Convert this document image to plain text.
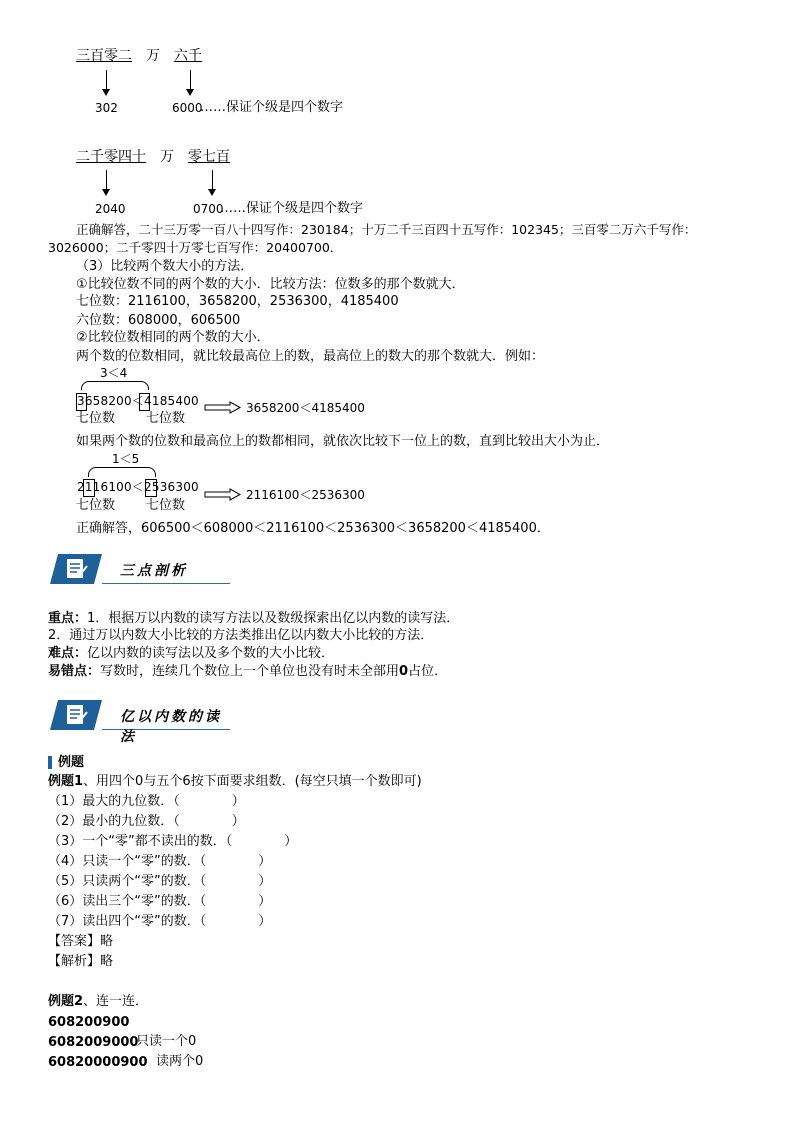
三百零二 万 六千
302	6000
……保证个级是四个数字
二千零四十 万 零七百
2040	0700
……保证个级是四个数字
正确解答，二十三万零一百八十四写作：230184；十万二千三百四十五写作：102345；三百零二万六千写作：
3026000；二千零四十万零七百写作：20400700．
（3）比较两个数大小的方法．
①比较位数不同的两个数的大小．比较方法：位数多的那个数就大．
七位数：2116100，3658200，2536300，4185400
六位数：608000，606500
②比较位数相同的两个数的大小．
两个数的位数相同，就比较最高位上的数，最高位上的数大的那个数就大．例如：
3＜4
3658200＜4185400
七位数 七位数
3658200＜4185400
如果两个数的位数和最高位上的数都相同，就依次比较下一位上的数，直到比较出大小为止．
1＜5
2116100＜2536300
七位数 七位数
2116100＜2536300
正确解答，606500＜608000＜2116100＜2536300＜3658200＜4185400．
三点剖析
重点：1．根据万以内数的读写方法以及数级探索出亿以内数的读写法．
2．通过万以内数大小比较的方法类推出亿以内数大小比较的方法．
难点：亿以内数的读写法以及多个数的大小比较．
易错点：写数时，连续几个数位上一个单位也没有时未全部用0占位．
亿以内数的读法
例题
例题1、用四个0与五个6按下面要求组数．(每空只填一个数即可)
（1）最大的九位数．（　　　　）
（2）最小的九位数．（　　　　）
（3）一个“零”都不读出的数．（　　　　）
（4）只读一个“零”的数．（　　　　）
（5）只读两个“零”的数．（　　　　）
（6）读出三个“零”的数．（　　　　）
（7）读出四个“零”的数．（　　　　）
【答案】略
【解析】略
例题2、连一连．
608200900
6082009000
只读一个0
60820000900 读两个0
